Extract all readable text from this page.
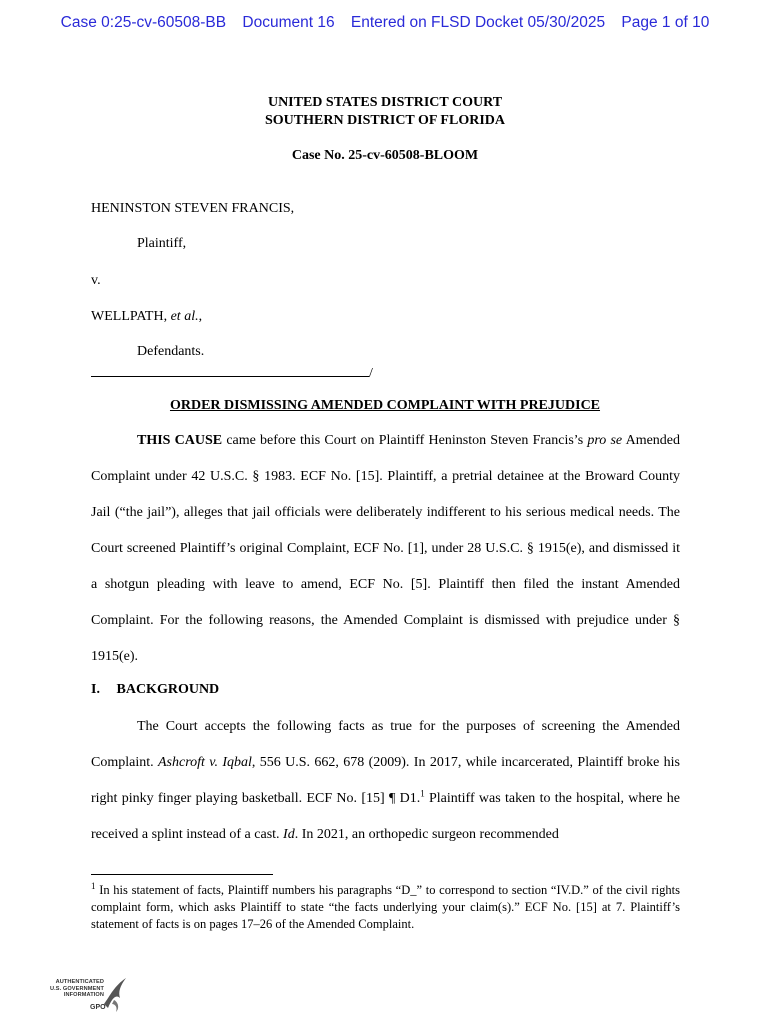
Case 0:25-cv-60508-BB Document 16 Entered on FLSD Docket 05/30/2025 Page 1 of 10
UNITED STATES DISTRICT COURT
SOUTHERN DISTRICT OF FLORIDA
Case No. 25-cv-60508-BLOOM
HENINSTON STEVEN FRANCIS,
Plaintiff,
v.
WELLPATH, et al.,
Defendants.
/
ORDER DISMISSING AMENDED COMPLAINT WITH PREJUDICE
THIS CAUSE came before this Court on Plaintiff Heninston Steven Francis’s pro se Amended Complaint under 42 U.S.C. § 1983. ECF No. [15]. Plaintiff, a pretrial detainee at the Broward County Jail (“the jail”), alleges that jail officials were deliberately indifferent to his serious medical needs. The Court screened Plaintiff’s original Complaint, ECF No. [1], under 28 U.S.C. § 1915(e), and dismissed it a shotgun pleading with leave to amend, ECF No. [5]. Plaintiff then filed the instant Amended Complaint. For the following reasons, the Amended Complaint is dismissed with prejudice under § 1915(e).
I. BACKGROUND
The Court accepts the following facts as true for the purposes of screening the Amended Complaint. Ashcroft v. Iqbal, 556 U.S. 662, 678 (2009). In 2017, while incarcerated, Plaintiff broke his right pinky finger playing basketball. ECF No. [15] ¶ D1.$^1$ Plaintiff was taken to the hospital, where he received a splint instead of a cast. Id. In 2021, an orthopedic surgeon recommended
$^1$ In his statement of facts, Plaintiff numbers his paragraphs “D_” to correspond to section “IV.D.” of the civil rights complaint form, which asks Plaintiff to state “the facts underlying your claim(s).” ECF No. [15] at 7. Plaintiff’s statement of facts is on pages 17–26 of the Amended Complaint.
AUTHENTICATED
U.S. GOVERNMENT
INFORMATION
GPO
